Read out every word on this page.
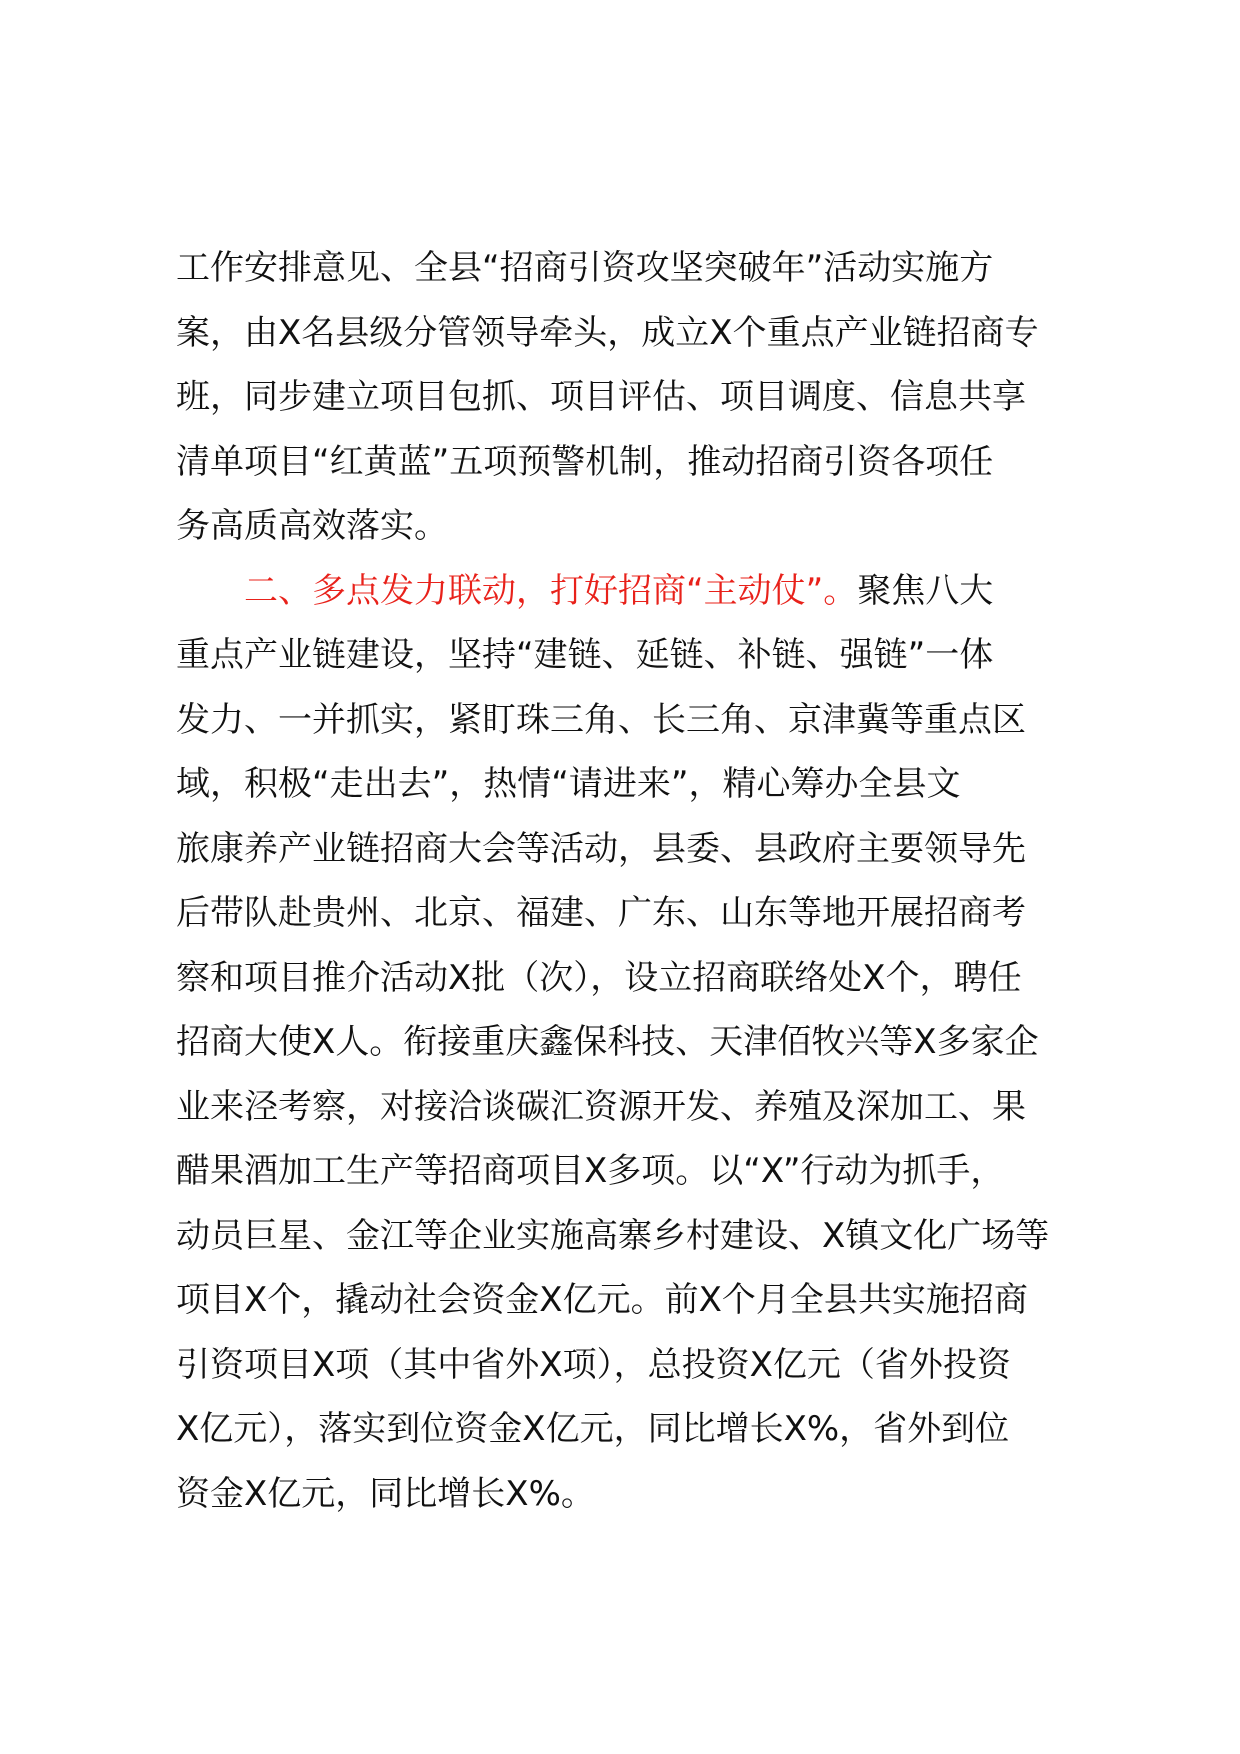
工作安排意见、全县“招商引资攻坚突破年”活动实施方
案，由X名县级分管领导牵头，成立X个重点产业链招商专
班，同步建立项目包抓、项目评估、项目调度、信息共享
清单项目“红黄蓝”五项预警机制，推动招商引资各项任
务高质高效落实。
二、多点发力联动，打好招商“主动仗”。聚焦八大
重点产业链建设，坚持“建链、延链、补链、强链”一体
发力、一并抓实，紧盯珠三角、长三角、京津冀等重点区
域，积极“走出去”，热情“请进来”，精心筹办全县文
旅康养产业链招商大会等活动，县委、县政府主要领导先
后带队赴贵州、北京、福建、广东、山东等地开展招商考
察和项目推介活动X批（次），设立招商联络处X个，聘任
招商大使X人。衔接重庆鑫保科技、天津佰牧兴等X多家企
业来泾考察，对接洽谈碳汇资源开发、养殖及深加工、果
醋果酒加工生产等招商项目X多项。以“X”行动为抓手，
动员巨星、金江等企业实施高寨乡村建设、X镇文化广场等
项目X个，撬动社会资金X亿元。前X个月全县共实施招商
引资项目X项（其中省外X项），总投资X亿元（省外投资
X亿元），落实到位资金X亿元，同比增长X%，省外到位
资金X亿元，同比增长X%。
